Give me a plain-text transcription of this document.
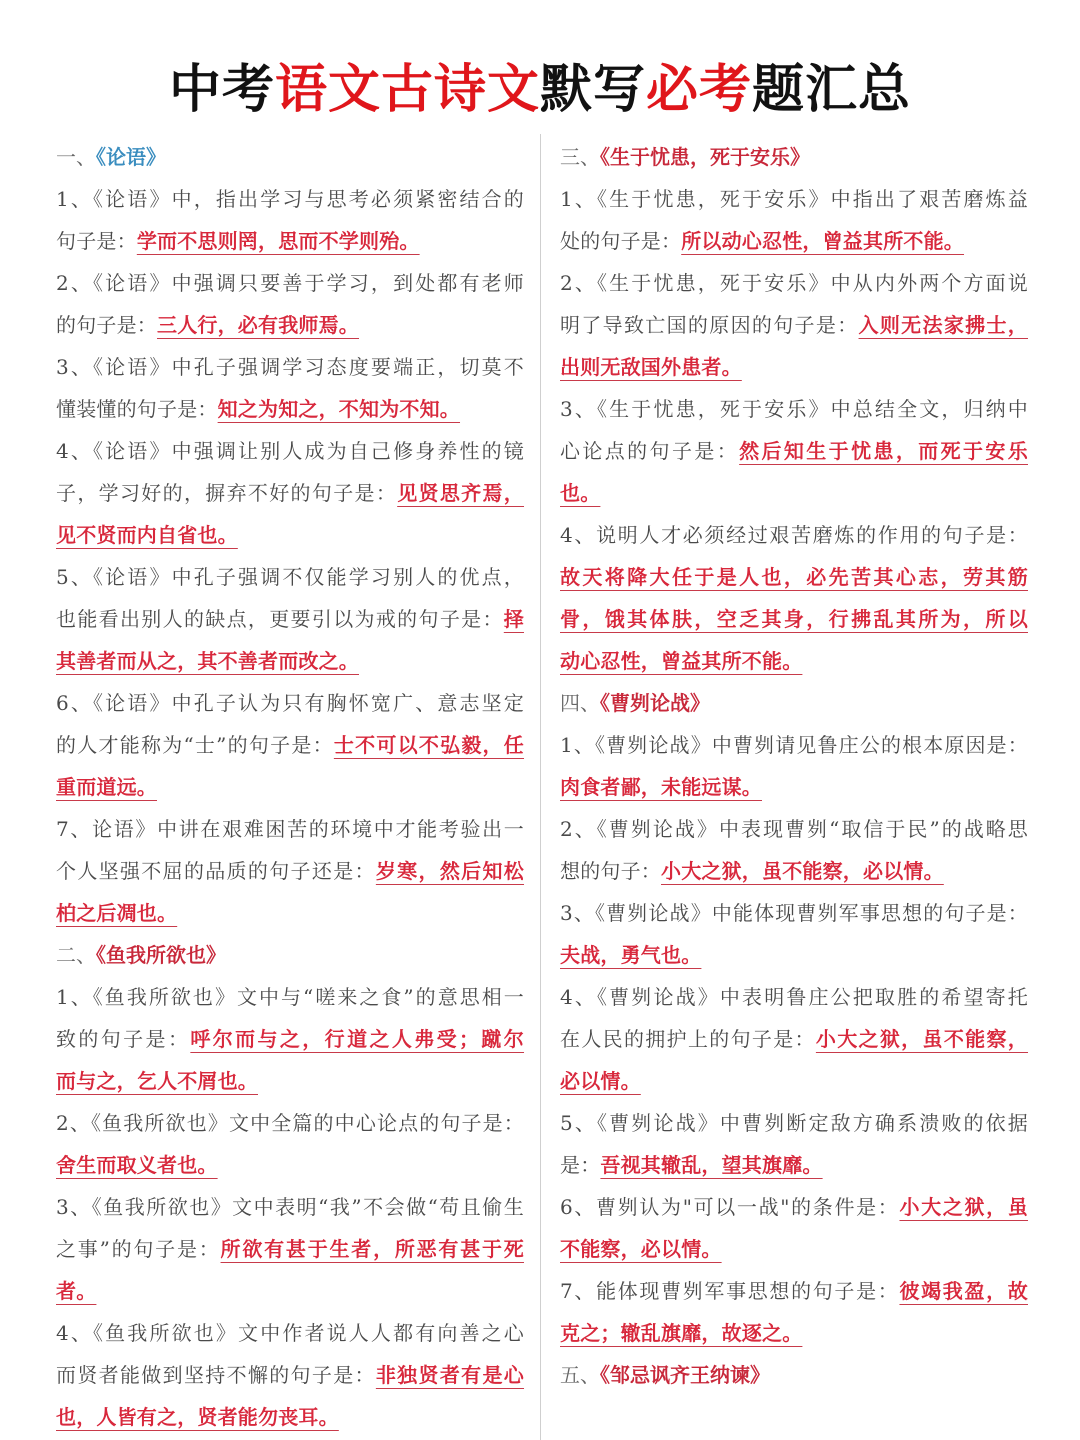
中考语文古诗文默写必考题汇总
一、《论语》
1、《论语》中，指出学习与思考必须紧密结合的
句子是：学而不思则罔，思而不学则殆。
2、《论语》中强调只要善于学习，到处都有老师
的句子是：三人行，必有我师焉。
3、《论语》中孔子强调学习态度要端正，切莫不
懂装懂的句子是：知之为知之，不知为不知。
4、《论语》中强调让别人成为自己修身养性的镜
子，学习好的，摒弃不好的句子是：见贤思齐焉，
见不贤而内自省也。
5、《论语》中孔子强调不仅能学习别人的优点，
也能看出别人的缺点，更要引以为戒的句子是：择
其善者而从之，其不善者而改之。
6、《论语》中孔子认为只有胸怀宽广、意志坚定
的人才能称为“士”的句子是：士不可以不弘毅，任
重而道远。
7、论语》中讲在艰难困苦的环境中才能考验出一
个人坚强不屈的品质的句子还是：岁寒，然后知松
柏之后凋也。
二、《鱼我所欲也》
1、《鱼我所欲也》文中与“嗟来之食”的意思相一
致的句子是：呼尔而与之，行道之人弗受；蹴尔
而与之，乞人不屑也。
2、《鱼我所欲也》文中全篇的中心论点的句子是：
舍生而取义者也。
3、《鱼我所欲也》文中表明“我”不会做“苟且偷生
之事”的句子是：所欲有甚于生者，所恶有甚于死
者。
4、《鱼我所欲也》文中作者说人人都有向善之心
而贤者能做到坚持不懈的句子是：非独贤者有是心
也，人皆有之，贤者能勿丧耳。
三、《生于忧患，死于安乐》
1、《生于忧患，死于安乐》中指出了艰苦磨炼益
处的句子是：所以动心忍性，曾益其所不能。
2、《生于忧患，死于安乐》中从内外两个方面说
明了导致亡国的原因的句子是：入则无法家拂士，
出则无敌国外患者。
3、《生于忧患，死于安乐》中总结全文，归纳中
心论点的句子是：然后知生于忧患，而死于安乐
也。
4、说明人才必须经过艰苦磨炼的作用的句子是：
故天将降大任于是人也，必先苦其心志，劳其筋
骨，饿其体肤，空乏其身，行拂乱其所为，所以
动心忍性，曾益其所不能。
四、《曹刿论战》
1、《曹刿论战》中曹刿请见鲁庄公的根本原因是：
肉食者鄙，未能远谋。
2、《曹刿论战》中表现曹刿“取信于民”的战略思
想的句子：小大之狱，虽不能察，必以情。
3、《曹刿论战》中能体现曹刿军事思想的句子是：
夫战，勇气也。
4、《曹刿论战》中表明鲁庄公把取胜的希望寄托
在人民的拥护上的句子是：小大之狱，虽不能察，
必以情。
5、《曹刿论战》中曹刿断定敌方确系溃败的依据
是：吾视其辙乱，望其旗靡。
6、曹刿认为"可以一战"的条件是：小大之狱，虽
不能察，必以情。
7、能体现曹刿军事思想的句子是：彼竭我盈，故
克之；辙乱旗靡，故逐之。
五、《邹忌讽齐王纳谏》
